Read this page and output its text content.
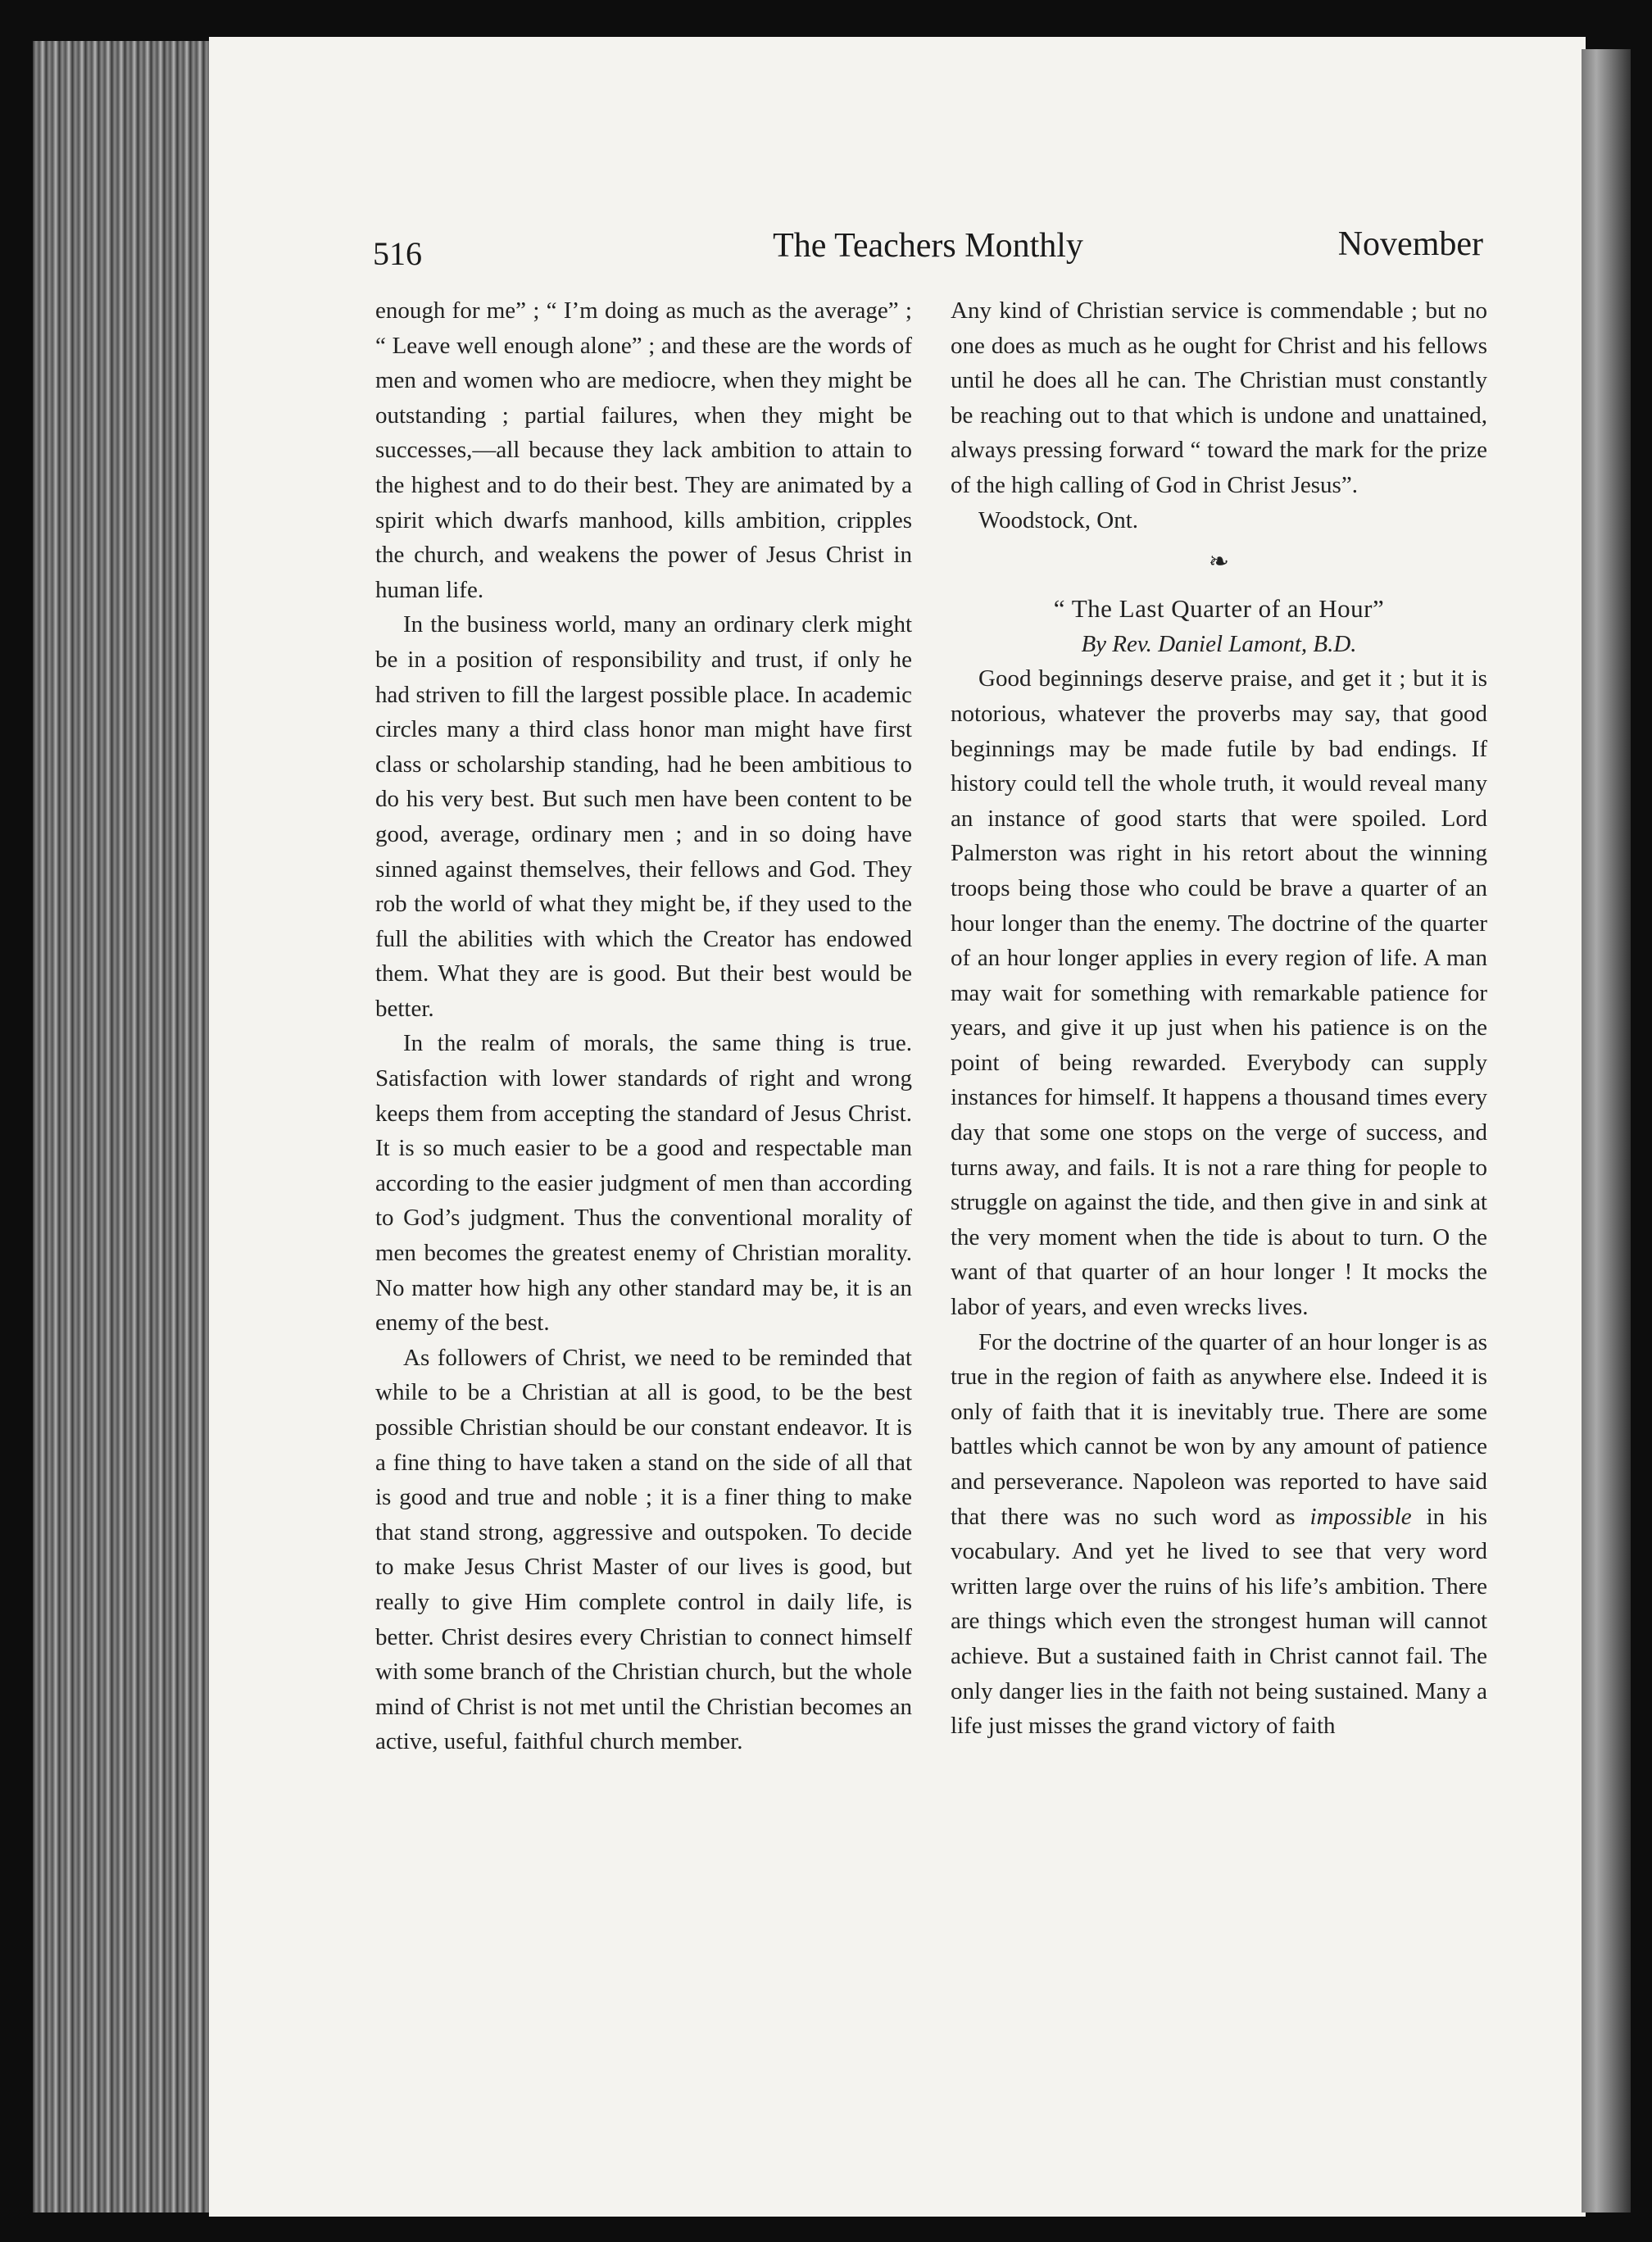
516	The Teachers Monthly	November

enough for me” ; “ I’m doing as much as the average” ; “ Leave well enough alone” ; and these are the words of men and women who are mediocre, when they might be outstanding ; partial failures, when they might be successes,—all because they lack ambition to attain to the highest and to do their best. They are animated by a spirit which dwarfs manhood, kills ambition, cripples the church, and weakens the power of Jesus Christ in human life.

In the business world, many an ordinary clerk might be in a position of responsibility and trust, if only he had striven to fill the largest possible place. In academic circles many a third class honor man might have first class or scholarship standing, had he been ambitious to do his very best. But such men have been content to be good, average, ordinary men ; and in so doing have sinned against themselves, their fellows and God. They rob the world of what they might be, if they used to the full the abilities with which the Creator has endowed them. What they are is good. But their best would be better.

In the realm of morals, the same thing is true. Satisfaction with lower standards of right and wrong keeps them from accepting the standard of Jesus Christ. It is so much easier to be a good and respectable man according to the easier judgment of men than according to God’s judgment. Thus the conventional morality of men becomes the greatest enemy of Christian morality. No matter how high any other standard may be, it is an enemy of the best.

As followers of Christ, we need to be reminded that while to be a Christian at all is good, to be the best possible Christian should be our constant endeavor. It is a fine thing to have taken a stand on the side of all that is good and true and noble ; it is a finer thing to make that stand strong, aggressive and outspoken. To decide to make Jesus Christ Master of our lives is good, but really to give Him complete control in daily life, is better. Christ desires every Christian to connect himself with some branch of the Christian church, but the whole mind of Christ is not met until the Christian becomes an active, useful, faithful church member.

Any kind of Christian service is commendable ; but no one does as much as he ought for Christ and his fellows until he does all he can. The Christian must constantly be reaching out to that which is undone and unattained, always pressing forward “ toward the mark for the prize of the high calling of God in Christ Jesus”.

Woodstock, Ont.

❧

“ The Last Quarter of an Hour”

By Rev. Daniel Lamont, B.D.

Good beginnings deserve praise, and get it ; but it is notorious, whatever the proverbs may say, that good beginnings may be made futile by bad endings. If history could tell the whole truth, it would reveal many an instance of good starts that were spoiled. Lord Palmerston was right in his retort about the winning troops being those who could be brave a quarter of an hour longer than the enemy. The doctrine of the quarter of an hour longer applies in every region of life. A man may wait for something with remarkable patience for years, and give it up just when his patience is on the point of being rewarded. Everybody can supply instances for himself. It happens a thousand times every day that some one stops on the verge of success, and turns away, and fails. It is not a rare thing for people to struggle on against the tide, and then give in and sink at the very moment when the tide is about to turn. O the want of that quarter of an hour longer ! It mocks the labor of years, and even wrecks lives.

For the doctrine of the quarter of an hour longer is as true in the region of faith as anywhere else. Indeed it is only of faith that it is inevitably true. There are some battles which cannot be won by any amount of patience and perseverance. Napoleon was reported to have said that there was no such word as impossible in his vocabulary. And yet he lived to see that very word written large over the ruins of his life’s ambition. There are things which even the strongest human will cannot achieve. But a sustained faith in Christ cannot fail. The only danger lies in the faith not being sustained. Many a life just misses the grand victory of faith
